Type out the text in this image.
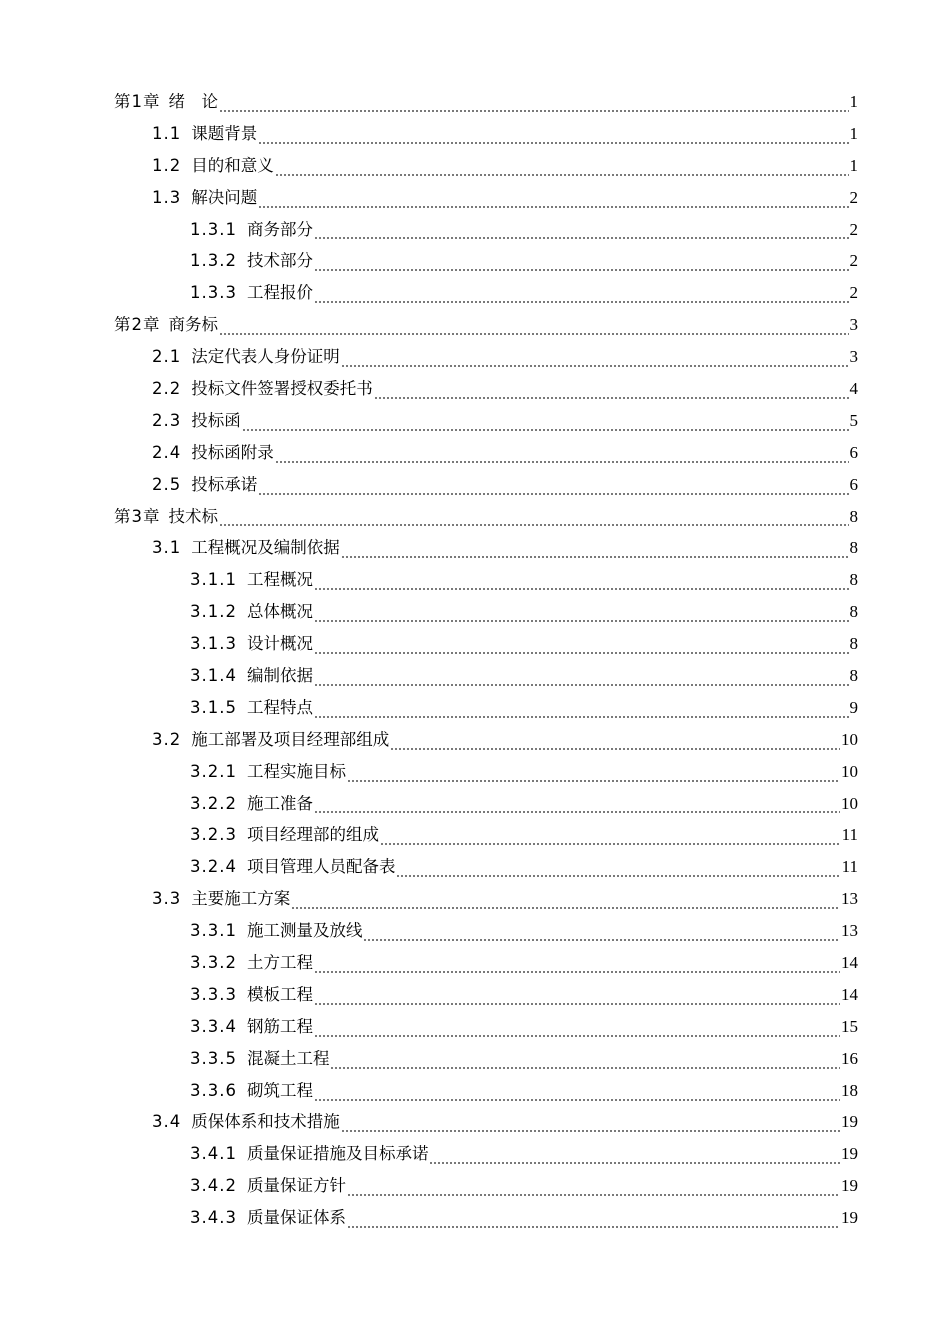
第1章 绪　论	1
1.1 课题背景	1
1.2 目的和意义	1
1.3 解决问题	2
1.3.1 商务部分	2
1.3.2 技术部分	2
1.3.3 工程报价	2
第2章 商务标	3
2.1 法定代表人身份证明	3
2.2 投标文件签署授权委托书	4
2.3 投标函	5
2.4 投标函附录	6
2.5 投标承诺	6
第3章 技术标	8
3.1 工程概况及编制依据	8
3.1.1 工程概况	8
3.1.2 总体概况	8
3.1.3 设计概况	8
3.1.4 编制依据	8
3.1.5 工程特点	9
3.2 施工部署及项目经理部组成	10
3.2.1 工程实施目标	10
3.2.2 施工准备	10
3.2.3 项目经理部的组成	11
3.2.4 项目管理人员配备表	11
3.3 主要施工方案	13
3.3.1 施工测量及放线	13
3.3.2 土方工程	14
3.3.3 模板工程	14
3.3.4 钢筋工程	15
3.3.5 混凝土工程	16
3.3.6 砌筑工程	18
3.4 质保体系和技术措施	19
3.4.1 质量保证措施及目标承诺	19
3.4.2 质量保证方针	19
3.4.3 质量保证体系	19
